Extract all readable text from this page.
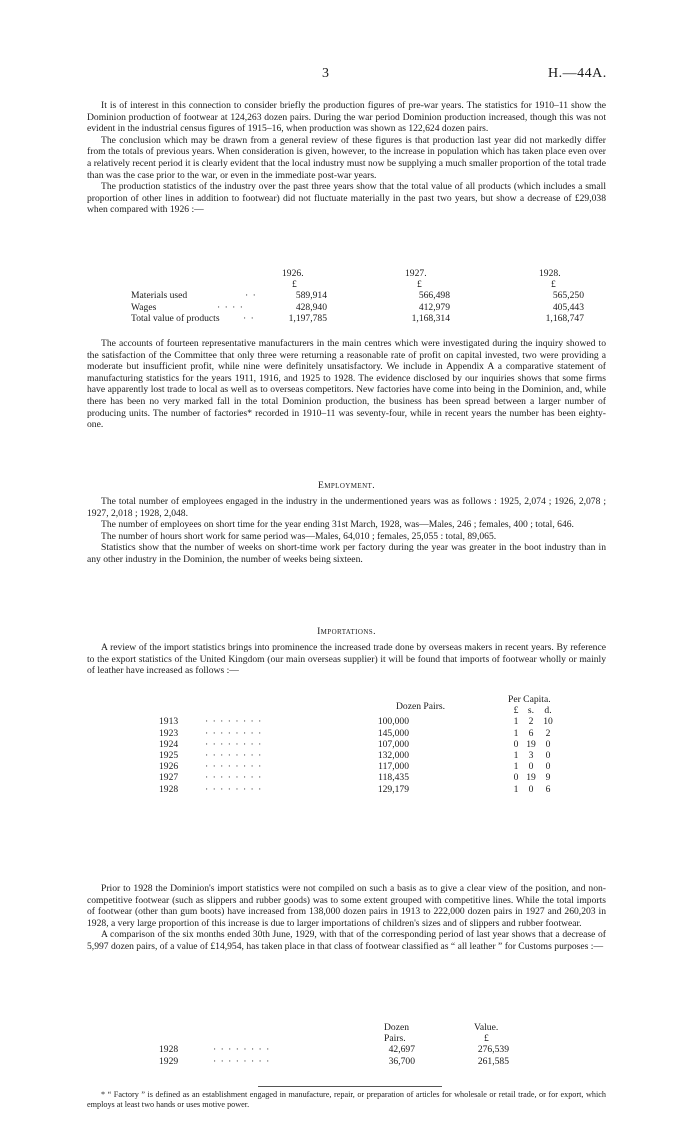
3	H.—44A.

It is of interest in this connection to consider briefly the production figures of pre-war years. The statistics for 1910–11 show the Dominion production of footwear at 124,263 dozen pairs. During the war period Dominion production increased, though this was not evident in the industrial census figures of 1915–16, when production was shown as 122,624 dozen pairs.

The conclusion which may be drawn from a general review of these figures is that production last year did not markedly differ from the totals of previous years. When consideration is given, however, to the increase in population which has taken place even over a relatively recent period it is clearly evident that the local industry must now be supplying a much smaller proportion of the total trade than was the case prior to the war, or even in the immediate post-war years.

The production statistics of the industry over the past three years show that the total value of all products (which includes a small proportion of other lines in addition to footwear) did not fluctuate materially in the past two years, but show a decrease of £29,038 when compared with 1926 :—

1926.	1927.	1928.
£	£	£
Materials used	· ·	589,914	566,498	565,250
Wages	· · · ·	428,940	412,979	405,443
Total value of products · ·	1,197,785	1,168,314	1,168,747

The accounts of fourteen representative manufacturers in the main centres which were investigated during the inquiry showed to the satisfaction of the Committee that only three were returning a reasonable rate of profit on capital invested, two were providing a moderate but insufficient profit, while nine were definitely unsatisfactory. We include in Appendix A a comparative statement of manufacturing statistics for the years 1911, 1916, and 1925 to 1928. The evidence disclosed by our inquiries shows that some firms have apparently lost trade to local as well as to overseas competitors. New factories have come into being in the Dominion, and, while there has been no very marked fall in the total Dominion production, the business has been spread between a larger number of producing units. The number of factories* recorded in 1910–11 was seventy-four, while in recent years the number has been eighty-one.

Employment.

The total number of employees engaged in the industry in the undermentioned years was as follows : 1925, 2,074 ; 1926, 2,078 ; 1927, 2,018 ; 1928, 2,048.

The number of employees on short time for the year ending 31st March, 1928, was—Males, 246 ; females, 400 ; total, 646.

The number of hours short work for same period was—Males, 64,010 ; females, 25,055 : total, 89,065.

Statistics show that the number of weeks on short-time work per factory during the year was greater in the boot industry than in any other industry in the Dominion, the number of weeks being sixteen.

Importations.

A review of the import statistics brings into prominence the increased trade done by overseas makers in recent years. By reference to the export statistics of the United Kingdom (our main overseas supplier) it will be found that imports of footwear wholly or mainly of leather have increased as follows :—

Dozen Pairs.
Per Capita.
£ s.	d.
1913	· · · · · · · ·	100,000	1	2	10
1923	· · · · · · · ·	145,000	1	6	2
1924	· · · · · · · ·	107,000	0 19	0
1925	· · · · · · · ·	132,000	1	3	0
1926	· · · · · · · ·	117,000	1	0	0
1927	· · · · · · · ·	118,435	0 19	9
1928	· · · · · · · ·	129,179	1	0	6

Prior to 1928 the Dominion's import statistics were not compiled on such a basis as to give a clear view of the position, and non-competitive footwear (such as slippers and rubber goods) was to some extent grouped with competitive lines. While the total imports of footwear (other than gum boots) have increased from 138,000 dozen pairs in 1913 to 222,000 dozen pairs in 1927 and 260,203 in 1928, a very large proportion of this increase is due to larger importations of children's sizes and of slippers and rubber footwear.

A comparison of the six months ended 30th June, 1929, with that of the corresponding period of last year shows that a decrease of 5,997 dozen pairs, of a value of £14,954, has taken place in that class of footwear classified as “ all leather ” for Customs purposes :—

Dozen	Value.
Pairs.	£
1928	· · · · · · · ·	42,697	276,539
1929	· · · · · · · ·	36,700	261,585

* “ Factory ” is defined as an establishment engaged in manufacture, repair, or preparation of articles for wholesale or retail trade, or for export, which employs at least two hands or uses motive power.
